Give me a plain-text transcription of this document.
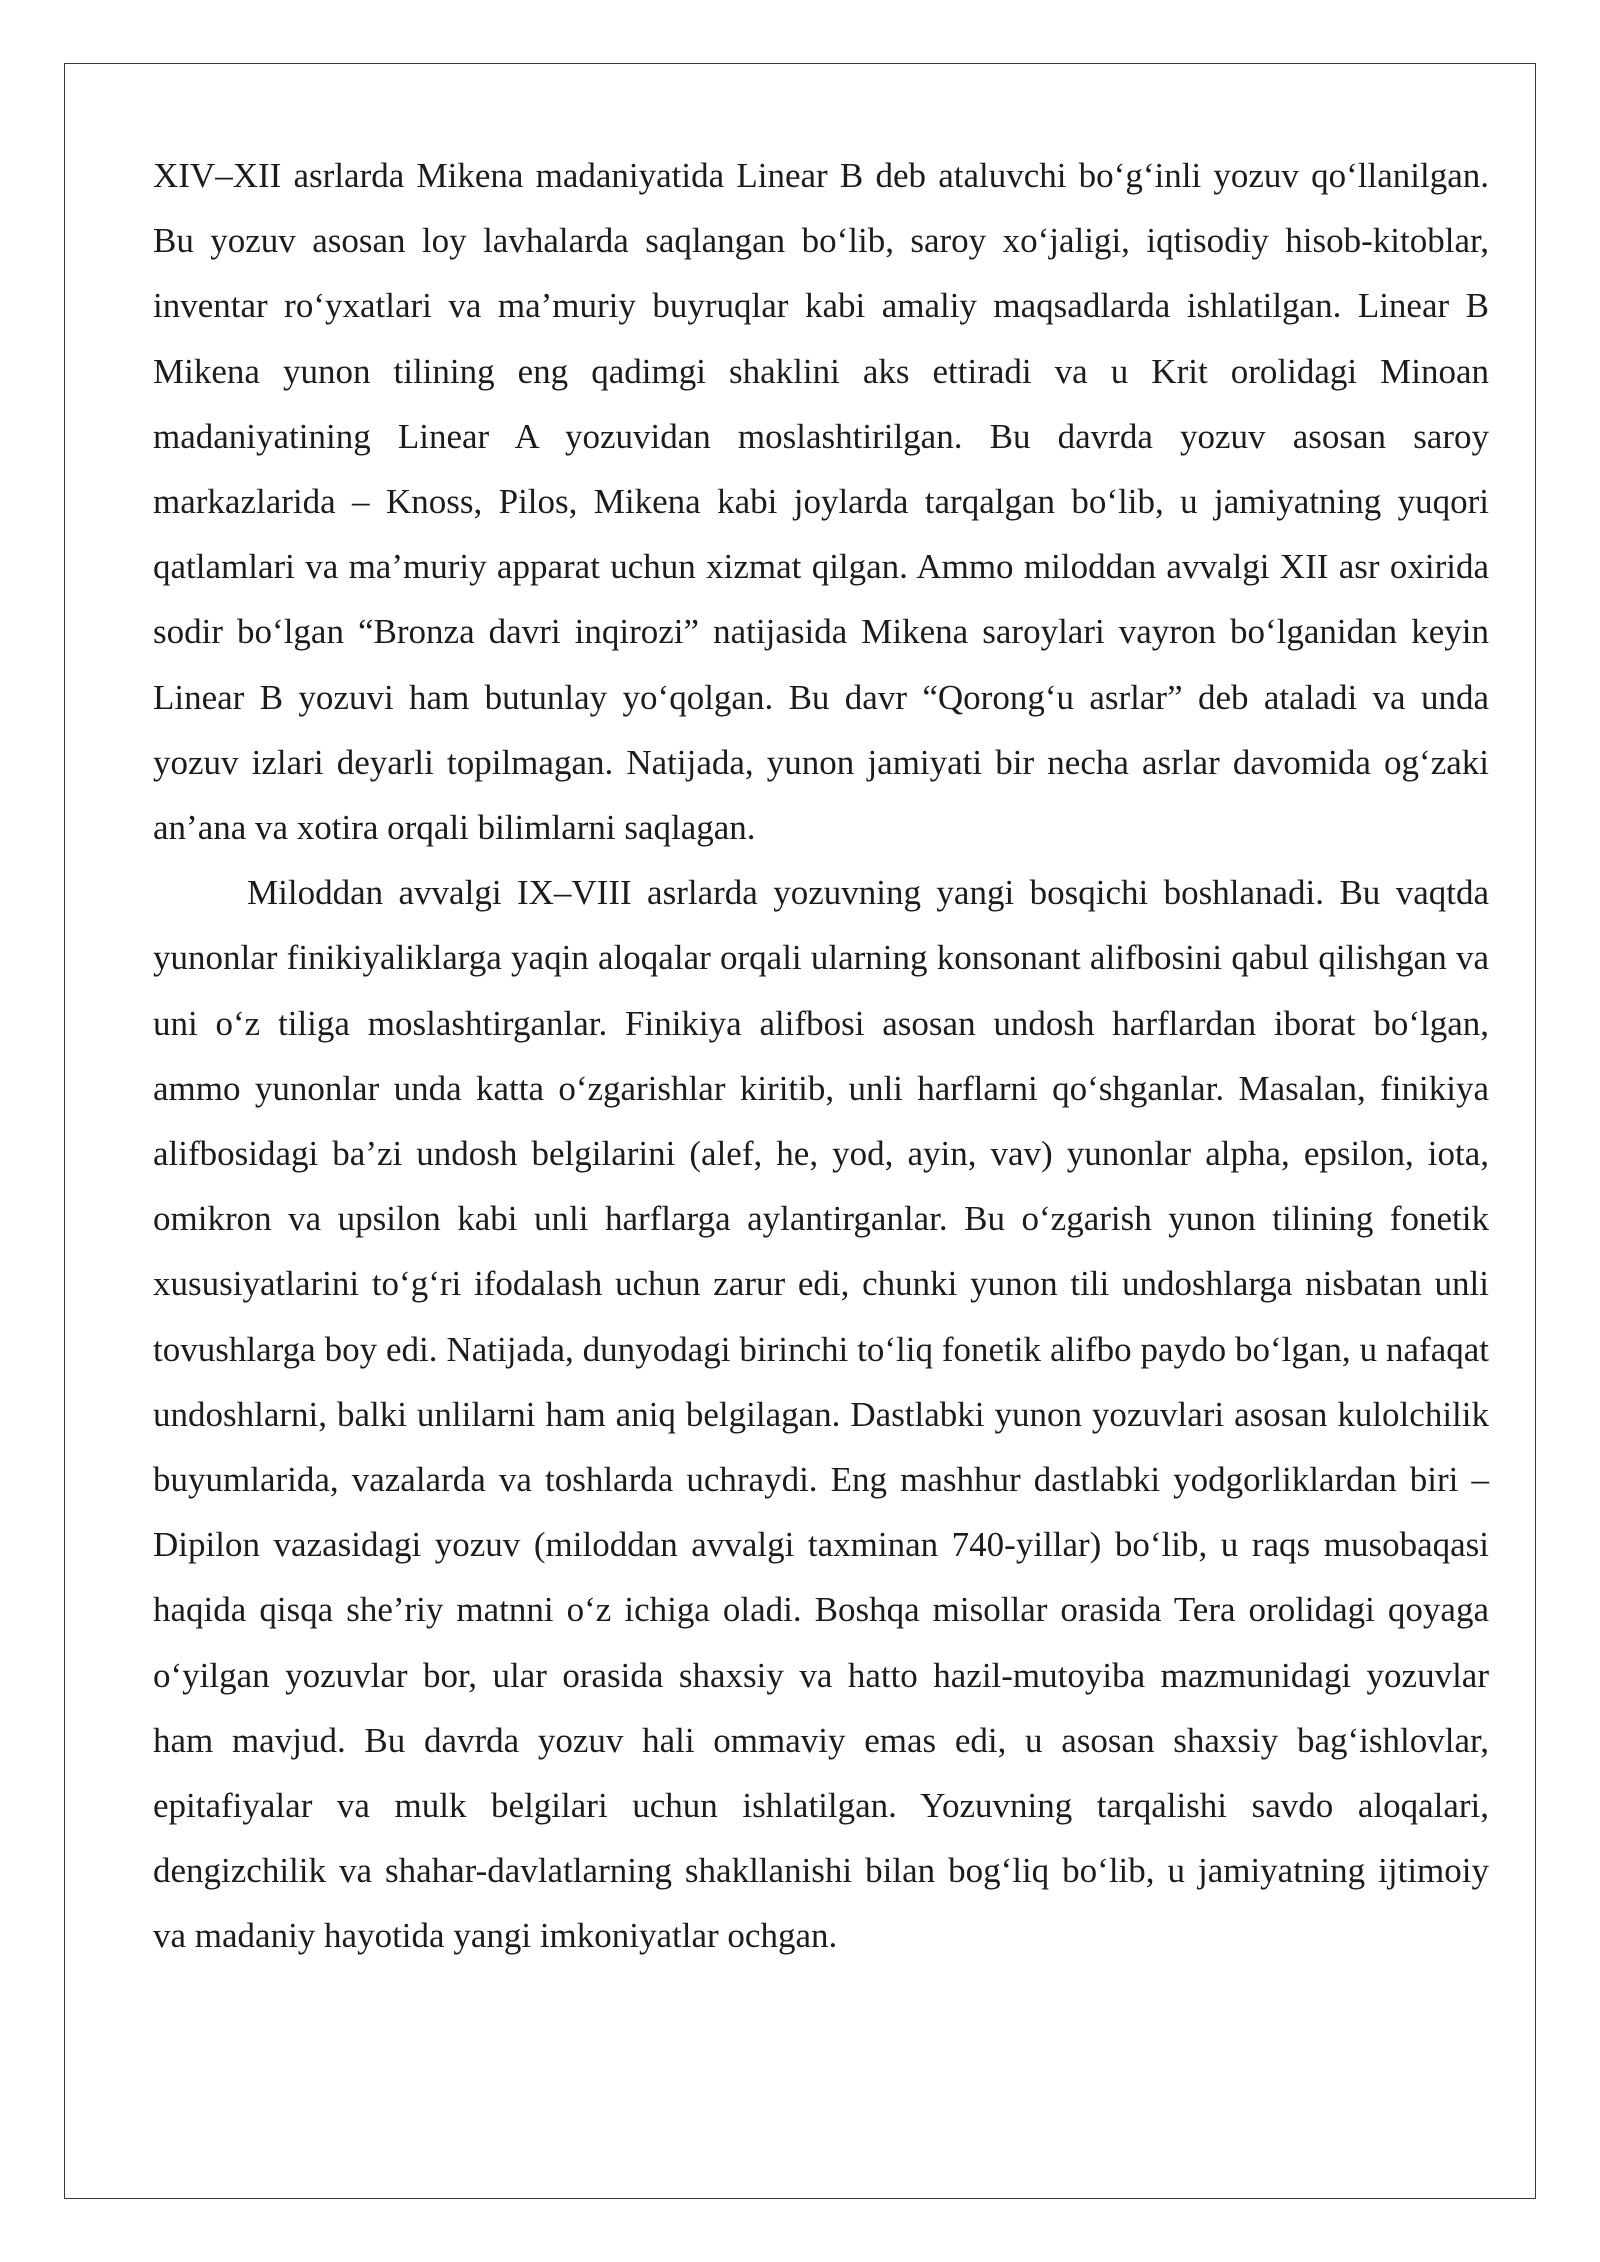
XIV–XII asrlarda Mikena madaniyatida Linear B deb ataluvchi bo‘g‘inli yozuv qo‘llanilgan. Bu yozuv asosan loy lavhalarda saqlangan bo‘lib, saroy xo‘jaligi, iqtisodiy hisob-kitoblar, inventar ro‘yxatlari va ma’muriy buyruqlar kabi amaliy maqsadlarda ishlatilgan. Linear B Mikena yunon tilining eng qadimgi shaklini aks ettiradi va u Krit orolidagi Minoan madaniyatining Linear A yozuvidan moslashtirilgan. Bu davrda yozuv asosan saroy markazlarida – Knoss, Pilos, Mikena kabi joylarda tarqalgan bo‘lib, u jamiyatning yuqori qatlamlari va ma’muriy apparat uchun xizmat qilgan. Ammo miloddan avvalgi XII asr oxirida sodir bo‘lgan “Bronza davri inqirozi” natijasida Mikena saroylari vayron bo‘lganidan keyin Linear B yozuvi ham butunlay yo‘qolgan. Bu davr “Qorong‘u asrlar” deb ataladi va unda yozuv izlari deyarli topilmagan. Natijada, yunon jamiyati bir necha asrlar davomida og‘zaki an’ana va xotira orqali bilimlarni saqlagan.

Miloddan avvalgi IX–VIII asrlarda yozuvning yangi bosqichi boshlanadi. Bu vaqtda yunonlar finikiyaliklarga yaqin aloqalar orqali ularning konsonant alifbosini qabul qilishgan va uni o‘z tiliga moslashtirganlar. Finikiya alifbosi asosan undosh harflardan iborat bo‘lgan, ammo yunonlar unda katta o‘zgarishlar kiritib, unli harflarni qo‘shganlar. Masalan, finikiya alifbosidagi ba’zi undosh belgilarini (alef, he, yod, ayin, vav) yunonlar alpha, epsilon, iota, omikron va upsilon kabi unli harflarga aylantirganlar. Bu o‘zgarish yunon tilining fonetik xususiyatlarini to‘g‘ri ifodalash uchun zarur edi, chunki yunon tili undoshlarga nisbatan unli tovushlarga boy edi. Natijada, dunyodagi birinchi to‘liq fonetik alifbo paydo bo‘lgan, u nafaqat undoshlarni, balki unlilarni ham aniq belgilagan. Dastlabki yunon yozuvlari asosan kulolchilik buyumlarida, vazalarda va toshlarda uchraydi. Eng mashhur dastlabki yodgorliklardan biri – Dipilon vazasidagi yozuv (miloddan avvalgi taxminan 740-yillar) bo‘lib, u raqs musobaqasi haqida qisqa she’riy matnni o‘z ichiga oladi. Boshqa misollar orasida Tera orolidagi qoyaga o‘yilgan yozuvlar bor, ular orasida shaxsiy va hatto hazil-mutoyiba mazmunidagi yozuvlar ham mavjud. Bu davrda yozuv hali ommaviy emas edi, u asosan shaxsiy bag‘ishlovlar, epitafiyalar va mulk belgilari uchun ishlatilgan. Yozuvning tarqalishi savdo aloqalari, dengizchilik va shahar-davlatlarning shakllanishi bilan bog‘liq bo‘lib, u jamiyatning ijtimoiy va madaniy hayotida yangi imkoniyatlar ochgan.
